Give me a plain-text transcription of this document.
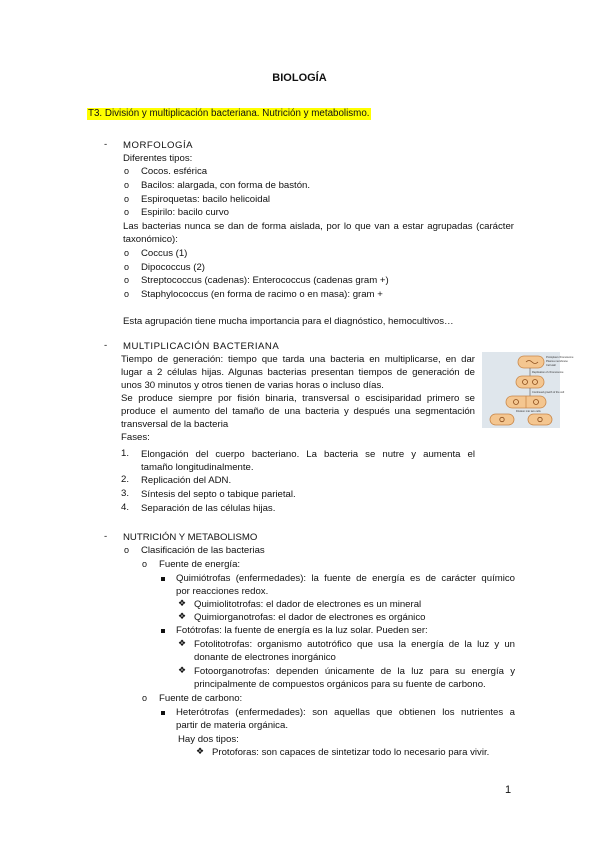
BIOLOGÍA
T3. División y multiplicación bacteriana. Nutrición y metabolismo.
- MORFOLOGÍA
Diferentes tipos:
o Cocos. esférica
o Bacilos: alargada, con forma de bastón.
o Espiroquetas: bacilo helicoidal
o Espirilo: bacilo curvo
Las bacterias nunca se dan de forma aislada, por lo que van a estar agrupadas (carácter
taxonómico):
o Coccus (1)
o Dipococcus (2)
o Streptococcus (cadenas): Enterococcus (cadenas gram +)
o Staphylococcus (en forma de racimo o en masa): gram +
Esta agrupación tiene mucha importancia para el diagnóstico, hemocultivos…
- MULTIPLICACIÓN BACTERIANA
Tiempo de generación: tiempo que tarda una bacteria en multiplicarse, en dar
lugar a 2 células hijas. Algunas bacterias presentan tiempos de generación de
unos 30 minutos y otros tienen de varias horas o incluso días.
Se produce siempre por fisión binaria, transversal o escisiparidad primero se
produce el aumento del tamaño de una bacteria y después una segmentación
transversal de la bacteria
Fases:
1. Elongación del cuerpo bacteriano. La bacteria se nutre y aumenta el
tamaño longitudinalmente.
2. Replicación del ADN.
3. Síntesis del septo o tabique parietal.
4. Separación de las células hijas.
Protoplast chromosome
Plasma membrane
Cell wall
Replication of chromosome
Continued growth of the cell
Division into two cells
- NUTRICIÓN Y METABOLISMO
o Clasificación de las bacterias
o Fuente de energía:
Quimiótrofas (enfermedades): la fuente de energía es de carácter químico
por reacciones redox.
❖ Quimiolitotrofas: el dador de electrones es un mineral
❖ Quimiorganotrofas: el dador de electrones es orgánico
Fotótrofas: la fuente de energía es la luz solar. Pueden ser:
❖ Fotolitotrofas: organismo autotrófico que usa la energía de la luz y un
donante de electrones inorgánico
❖ Fotoorganotrofas: dependen únicamente de la luz para su energía y
principalmente de compuestos orgánicos para su fuente de carbono.
o Fuente de carbono:
Heterótrofas (enfermedades): son aquellas que obtienen los nutrientes a
partir de materia orgánica.
Hay dos tipos:
❖ Protoforas: son capaces de sintetizar todo lo necesario para vivir.
1
